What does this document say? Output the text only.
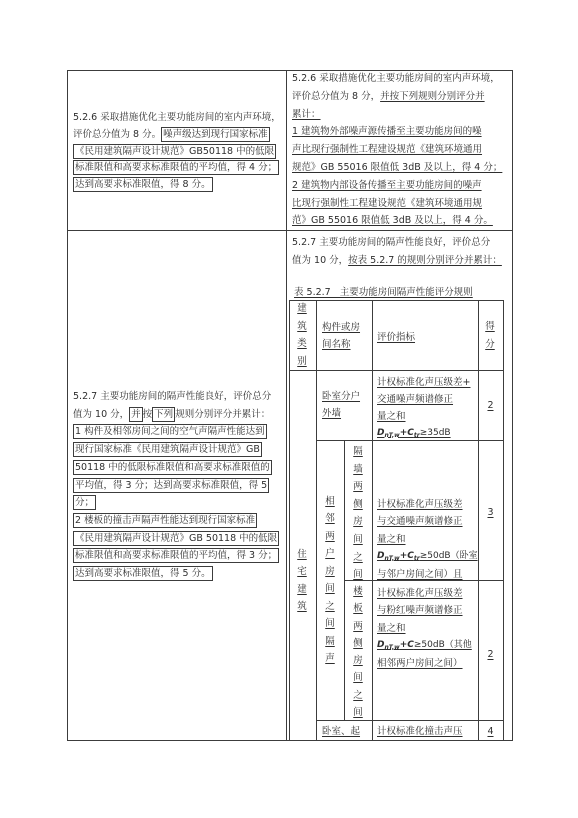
5.2.6 采取措施优化主要功能房间的室内声环境，
评价总分值为 8 分。 噪声级达到现行国家标准
《民用建筑隔声设计规范》GB50118 中的低限
标准限值和高要求标准限值的平均值，得 4 分；
达到高要求标准限值，得 8 分。
5.2.6 采取措施优化主要功能房间的室内声环境，
评价总分值为 8 分，并按下列规则分别评分并
累计：
1 建筑物外部噪声源传播至主要功能房间的噪
声比现行强制性工程建设规范《建筑环境通用
规范》GB 55016 限值低 3dB 及以上，得 4 分；
2 建筑物内部设备传播至主要功能房间的噪声
比现行强制性工程建设规范《建筑环境通用规
范》GB 55016 限值低 3dB 及以上，得 4 分。
5.2.7 主要功能房间的隔声性能良好，评价总分
值为 10 分， 并 按 下列 规则分别评分并累计：
1 构件及相邻房间之间的空气声隔声性能达到
现行国家标准《民用建筑隔声设计规范》GB
50118 中的低限标准限值和高要求标准限值的
平均值，得 3 分；达到高要求标准限值，得 5
分；
2 楼板的撞击声隔声性能达到现行国家标准
《民用建筑隔声设计规范》GB 50118 中的低限
标准限值和高要求标准限值的平均值，得 3 分；
达到高要求标准限值，得 5 分。
5.2.7 主要功能房间的隔声性能良好，评价总分
值为 10 分，按表 5.2.7 的规则分别评分并累计：
表 5.2.7   主要功能房间隔声性能评分规则
建筑类别
构件或房
间名称
评价指标
得分
住宅建筑
卧室分户
外墙
计权标准化声压级差+
交通噪声频谱修正
量之和
$D_{nT,w}+C_{tr}\ge 35dB$
2
相邻两户房间之间隔声
隔墙两侧房间之间
计权标准化声压级差
与交通噪声频谱修正
量之和
$D_{nT,w}+C_{tr}\ge 50dB$（卧室
与邻户房间之间）且
3
楼板两侧房间之间
计权标准化声压级差
与粉红噪声频谱修正
量之和
$D_{nT,w}+C\ge 50dB$（其他
相邻两户房间之间）
2
卧室、起 计权标准化撞击声压	4
